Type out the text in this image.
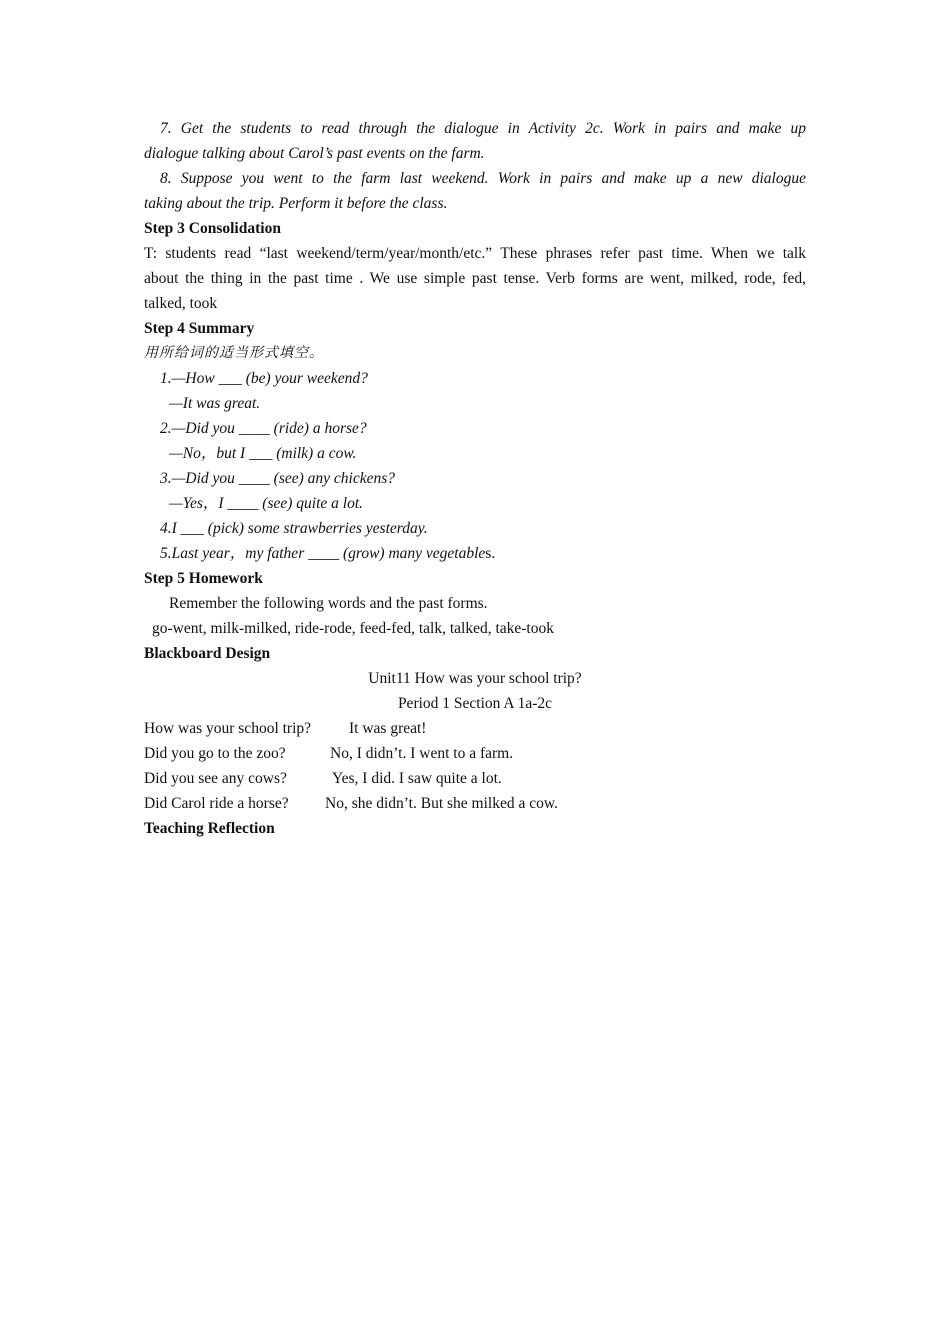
7. Get the students to read through the dialogue in Activity 2c. Work in pairs and make up
dialogue talking about Carol’s past events on the farm.
8. Suppose you went to the farm last weekend. Work in pairs and make up a new dialogue
taking about the trip. Perform it before the class.
Step 3 Consolidation
T: students read “last weekend/term/year/month/etc.” These phrases refer past time. When we talk
about the thing in the past time . We use simple past tense. Verb forms are went, milked, rode, fed,
talked, took
Step 4 Summary
用所给词的适当形式填空。
1.—How ___ (be) your weekend?
—It was great.
2.—Did you ____ (ride) a horse?
—No，but I ___ (milk) a cow.
3.—Did you ____ (see) any chickens?
—Yes，I ____ (see) quite a lot.
4.I ___ (pick) some strawberries yesterday.
5.Last year，my father ____ (grow) many vegetables.
Step 5 Homework
Remember the following words and the past forms.
go-went, milk-milked, ride-rode, feed-fed, talk, talked, take-took
Blackboard Design
Unit11 How was your school trip?
Period 1 Section A 1a-2c
How was your school trip? It was great!
Did you go to the zoo?	No, I didn’t. I went to a farm.
Did you see any cows?	Yes, I did. I saw quite a lot.
Did Carol ride a horse? No, she didn’t. But she milked a cow.
Teaching Reflection
